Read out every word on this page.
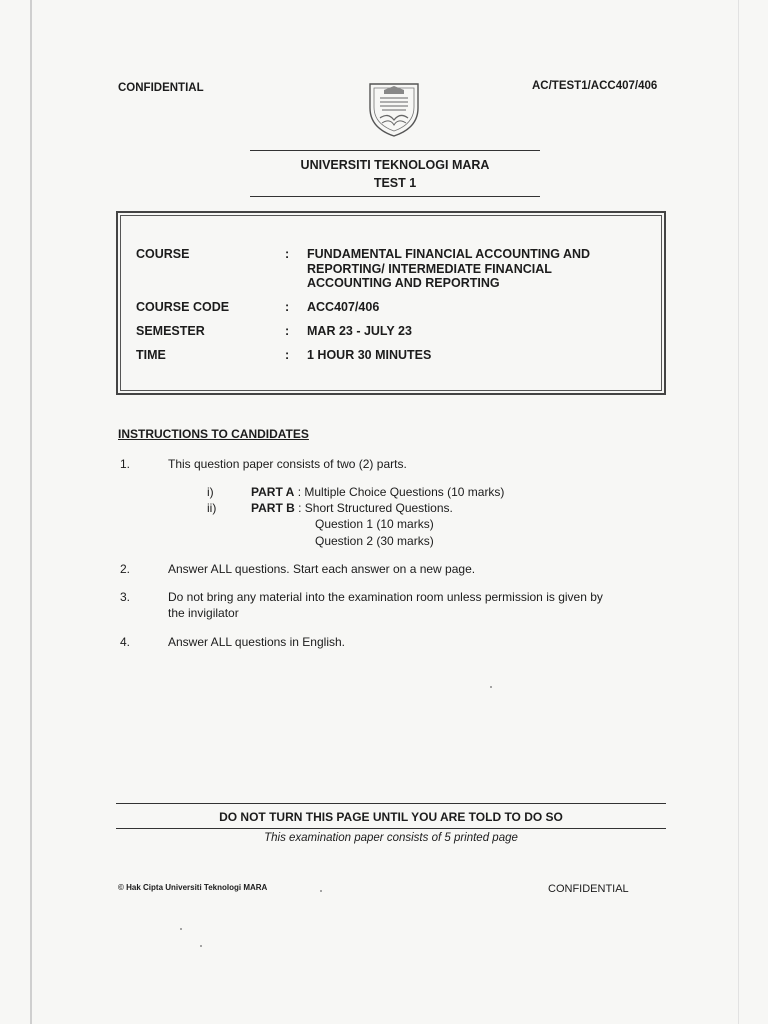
CONFIDENTIAL	AC/TEST1/ACC407/406
UNIVERSITI TEKNOLOGI MARA
TEST 1
COURSE	: FUNDAMENTAL FINANCIAL ACCOUNTING AND REPORTING/ INTERMEDIATE FINANCIAL ACCOUNTING AND REPORTING
COURSE CODE	: ACC407/406
SEMESTER	: MAR 23 - JULY 23
TIME	: 1 HOUR 30 MINUTES
INSTRUCTIONS TO CANDIDATES
1.	This question paper consists of two (2) parts.
i)	PART A : Multiple Choice Questions (10 marks)
ii)	PART B : Short Structured Questions.
Question 1 (10 marks)
Question 2 (30 marks)
2.	Answer ALL questions. Start each answer on a new page.
3.	Do not bring any material into the examination room unless permission is given by
the invigilator
4.	Answer ALL questions in English.
DO NOT TURN THIS PAGE UNTIL YOU ARE TOLD TO DO SO
This examination paper consists of 5 printed page
© Hak Cipta Universiti Teknologi MARA	CONFIDENTIAL
